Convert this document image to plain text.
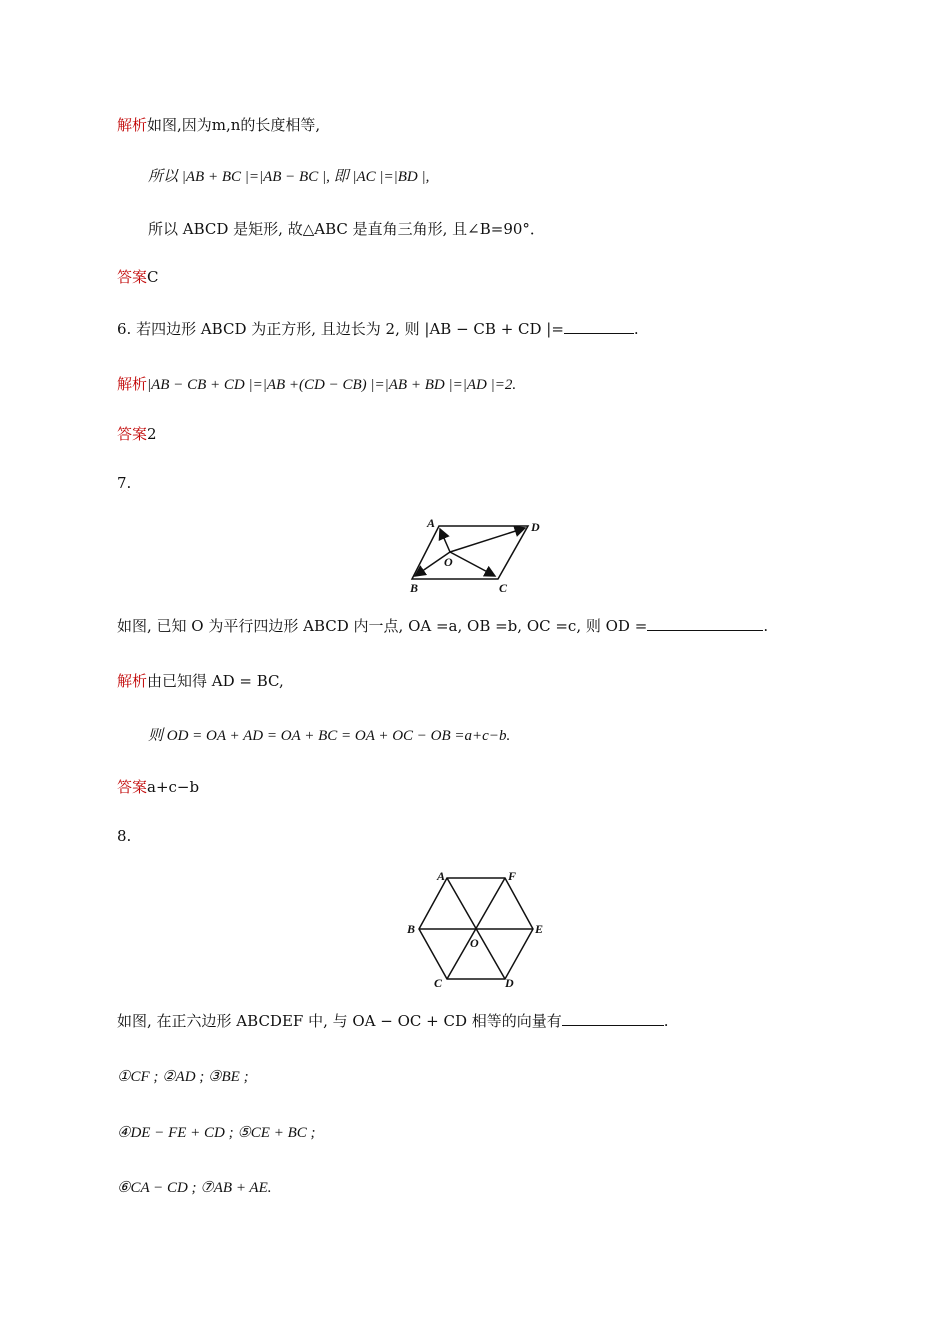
解析如图,因为m,n的长度相等,
所以 |AB + BC |=|AB − BC |, 即 |AC |=|BD |,
所以 ABCD 是矩形, 故△ABC 是直角三角形, 且∠B=90°．
答案C
6. 若四边形 ABCD 为正方形, 且边长为 2, 则 |AB − CB + CD |=	.
解析|AB − CB + CD |=|AB +(CD − CB) |=|AB + BD |=|AD |=2.
答案2
7.
A	D
O
B	C
如图, 已知 O 为平行四边形 ABCD 内一点, OA =a, OB =b, OC =c, 则 OD =	.
解析由已知得 AD = BC,
则 OD = OA + AD = OA + BC = OA + OC − OB =a+c−b.
答案a+c−b
8.
A	F
B	E
O
C	D
如图, 在正六边形 ABCDEF 中, 与 OA − OC + CD 相等的向量有	.
①CF ; ②AD ; ③BE ;
④DE − FE + CD ; ⑤CE + BC ;
⑥CA − CD ; ⑦AB + AE.
